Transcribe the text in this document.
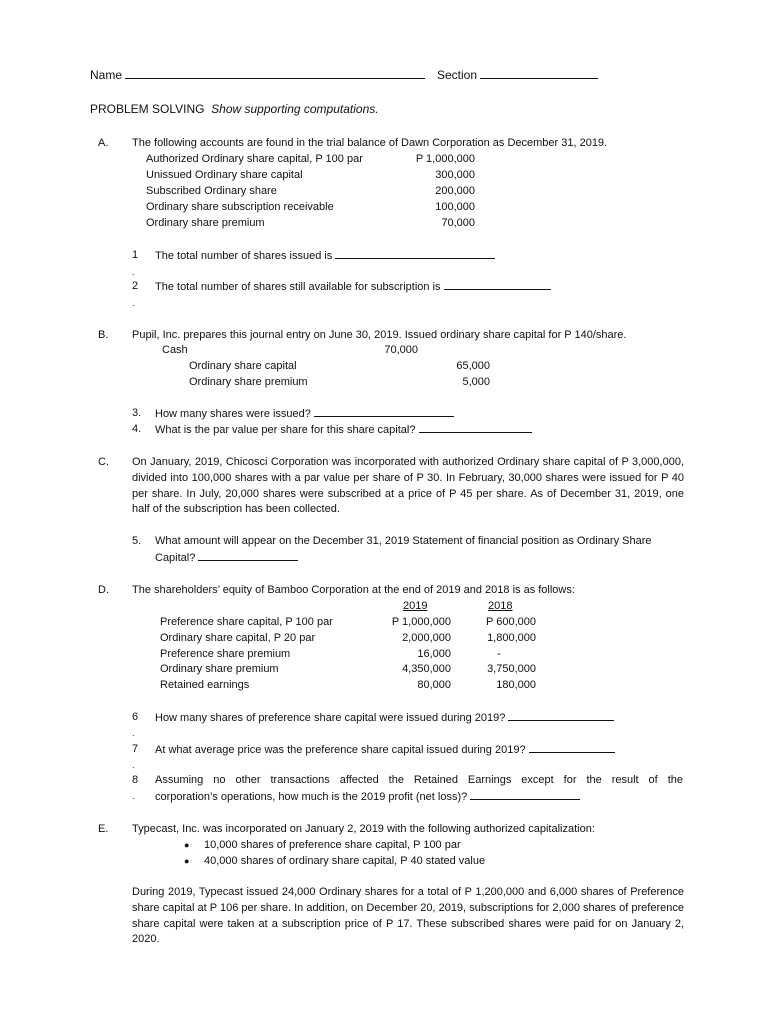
Name	Section
PROBLEM SOLVING Show supporting computations.
A. The following accounts are found in the trial balance of Dawn Corporation as December 31, 2019.
Authorized Ordinary share capital, P 100 par	P 1,000,000
Unissued Ordinary share capital	300,000
Subscribed Ordinary share	200,000
Ordinary share subscription receivable	100,000
Ordinary share premium	70,000
1 The total number of shares issued is
.
2 The total number of shares still available for subscription is
.
B. Pupil, Inc. prepares this journal entry on June 30, 2019. Issued ordinary share capital for P 140/share.
Cash	70,000
Ordinary share capital	65,000
Ordinary share premium	5,000
3. How many shares were issued?
4. What is the par value per share for this share capital?
C. On January, 2019, Chicosci Corporation was incorporated with authorized Ordinary share capital of P 3,000,000, divided into 100,000 shares with a par value per share of P 30. In February, 30,000 shares were issued for P 40 per share. In July, 20,000 shares were subscribed at a price of P 45 per share. As of December 31, 2019, one half of the subscription has been collected.
5. What amount will appear on the December 31, 2019 Statement of financial position as Ordinary Share
Capital?
D. The shareholders’ equity of Bamboo Corporation at the end of 2019 and 2018 is as follows:
2019	2018
Preference share capital, P 100 par	P 1,000,000	P 600,000
Ordinary share capital, P 20 par	2,000,000	1,800,000
Preference share premium	16,000	-
Ordinary share premium	4,350,000	3,750,000
Retained earnings	80,000	180,000
6 How many shares of preference share capital were issued during 2019?
.
7 At what average price was the preference share capital issued during 2019?
.
8 Assuming no other transactions affected the Retained Earnings except for the result of the
. corporation’s operations, how much is the 2019 profit (net loss)?
E. Typecast, Inc. was incorporated on January 2, 2019 with the following authorized capitalization:
● 10,000 shares of preference share capital, P 100 par
● 40,000 shares of ordinary share capital, P 40 stated value
During 2019, Typecast issued 24,000 Ordinary shares for a total of P 1,200,000 and 6,000 shares of Preference share capital at P 106 per share. In addition, on December 20, 2019, subscriptions for 2,000 shares of preference share capital were taken at a subscription price of P 17. These subscribed shares were paid for on January 2, 2020.
